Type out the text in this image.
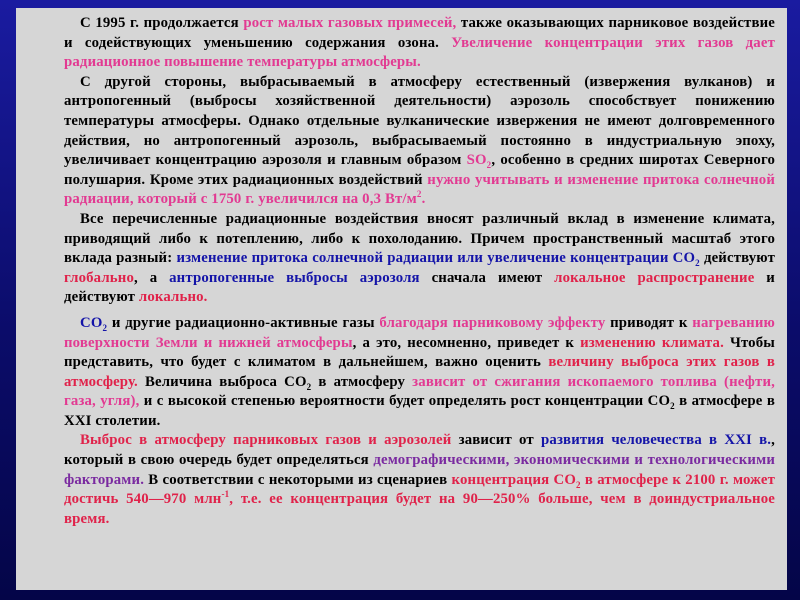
С 1995 г. продолжается рост малых газовых примесей, также оказывающих парниковое воздействие и содействующих уменьшению содержания озона. Увеличение концентрации этих газов дает радиационное повышение температуры атмосферы.

С другой стороны, выбрасываемый в атмосферу естественный (извержения вулканов) и антропогенный (выбросы хозяйственной деятельности) аэрозоль способствует понижению температуры атмосферы. Однако отдельные вулканические извержения не имеют долговременного действия, но антропогенный аэрозоль, выбрасываемый постоянно в индустриальную эпоху, увеличивает концентрацию аэрозоля и главным образом $SO_2$, особенно в средних широтах Северного полушария. Кроме этих радиационных воздействий нужно учитывать и изменение притока солнечной радиации, который с 1750 г. увеличился на 0,3 $Вт/м^2$.

Все перечисленные радиационные воздействия вносят различный вклад в изменение климата, приводящий либо к потеплению, либо к похолоданию. Причем пространственный масштаб этого вклада разный: изменение притока солнечной радиации или увеличение концентрации $СО_2$ действуют глобально, а антропогенные выбросы аэрозоля сначала имеют локальное распространение и действуют локально.

$СО_2$ и другие радиационно-активные газы благодаря парниковому эффекту приводят к нагреванию поверхности Земли и нижней атмосферы, а это, несомненно, приведет к изменению климата. Чтобы представить, что будет с климатом в дальнейшем, важно оценить величину выброса этих газов в атмосферу. Величина выброса $СО_2$ в атмосферу зависит от сжигания ископаемого топлива (нефти, газа, угля), и с высокой степенью вероятности будет определять рост концентрации $СО_2$ в атмосфере в XXI столетии.

Выброс в атмосферу парниковых газов и аэрозолей зависит от развития человечества в XXI в., который в свою очередь будет определяться демографическими, экономическими и технологическими факторами. В соответствии с некоторыми из сценариев концентрация $СО_2$ в атмосфере к 2100 г. может достичь 540—970 млн$^{-1}$, т.е. ее концентрация будет на 90—250% больше, чем в доиндустриальное время.
